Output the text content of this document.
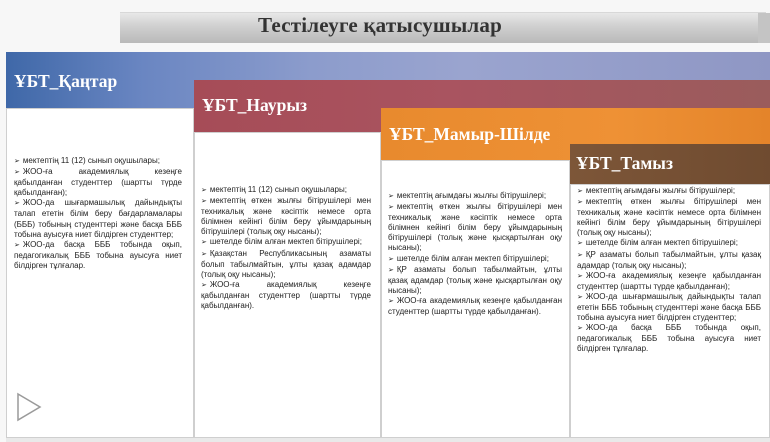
Тестілеуге қатысушылар
ҰБТ_Қаңтар
ҰБТ_Наурыз
ҰБТ_Мамыр-Шілде
➢ мектептің 11 (12) сынып оқушылары;
➢ ЖОО-ға академиялық кезеңге қабылданған студенттер (шартты түрде қабылданған);
➢ ЖОО-да шығармашылық дайындықты талап ететін білім беру бағдарламалары (БББ) тобының студенттері және басқа БББ тобына ауысуға ниет білдірген студенттер;
➢ ЖОО-да басқа БББ тобында оқып, педагогикалық БББ тобына ауысуға ниет білдірген тұлғалар.
➢ мектептің 11 (12) сынып оқушылары;
➢ мектептің өткен жылғы бітірушілері мен техникалық және кәсіптік немесе орта білімнен кейінгі білім беру ұйымдарының бітірушілері (толық оқу нысаны);
➢ шетелде білім алған мектеп бітірушілері;
➢ Қазақстан Республикасының азаматы болып табылмайтын, ұлты қазақ адамдар (толық оқу нысаны);
➢ ЖОО-ға академиялық кезеңге қабылданған студенттер (шартты түрде қабылданған).
➢ мектептің ағымдағы жылғы бітірушілері;
➢ мектептің өткен жылғы бітірушілері мен техникалық және кәсіптік немесе орта білімнен кейінгі білім беру ұйымдарының бітірушілері (толық және қысқартылған оқу нысаны);
➢ шетелде білім алған мектеп бітірушілері;
➢ ҚР азаматы болып табылмайтын, ұлты қазақ адамдар (толық және қысқартылған оқу нысаны);
➢ ЖОО-ға академиялық кезеңге қабылданған студенттер (шартты түрде қабылданған).
ҰБТ_Тамыз
➢ мектептің ағымдағы жылғы бітірушілері;
➢ мектептің өткен жылғы бітірушілері мен техникалық және кәсіптік немесе орта білімнен кейінгі білім беру ұйымдарының бітірушілері (толық оқу нысаны);
➢ шетелде білім алған мектеп бітірушілері;
➢ ҚР азаматы болып табылмайтын, ұлты қазақ адамдар (толық оқу нысаны);
➢ ЖОО-ға академиялық кезеңге қабылданған студенттер (шартты түрде қабылданған);
➢ ЖОО-да шығармашылық дайындықты талап ететін БББ тобының студенттері және басқа БББ тобына ауысуға ниет білдірген студенттер;
➢ ЖОО-да басқа БББ тобында оқып, педагогикалық БББ тобына ауысуға ниет білдірген тұлғалар.
